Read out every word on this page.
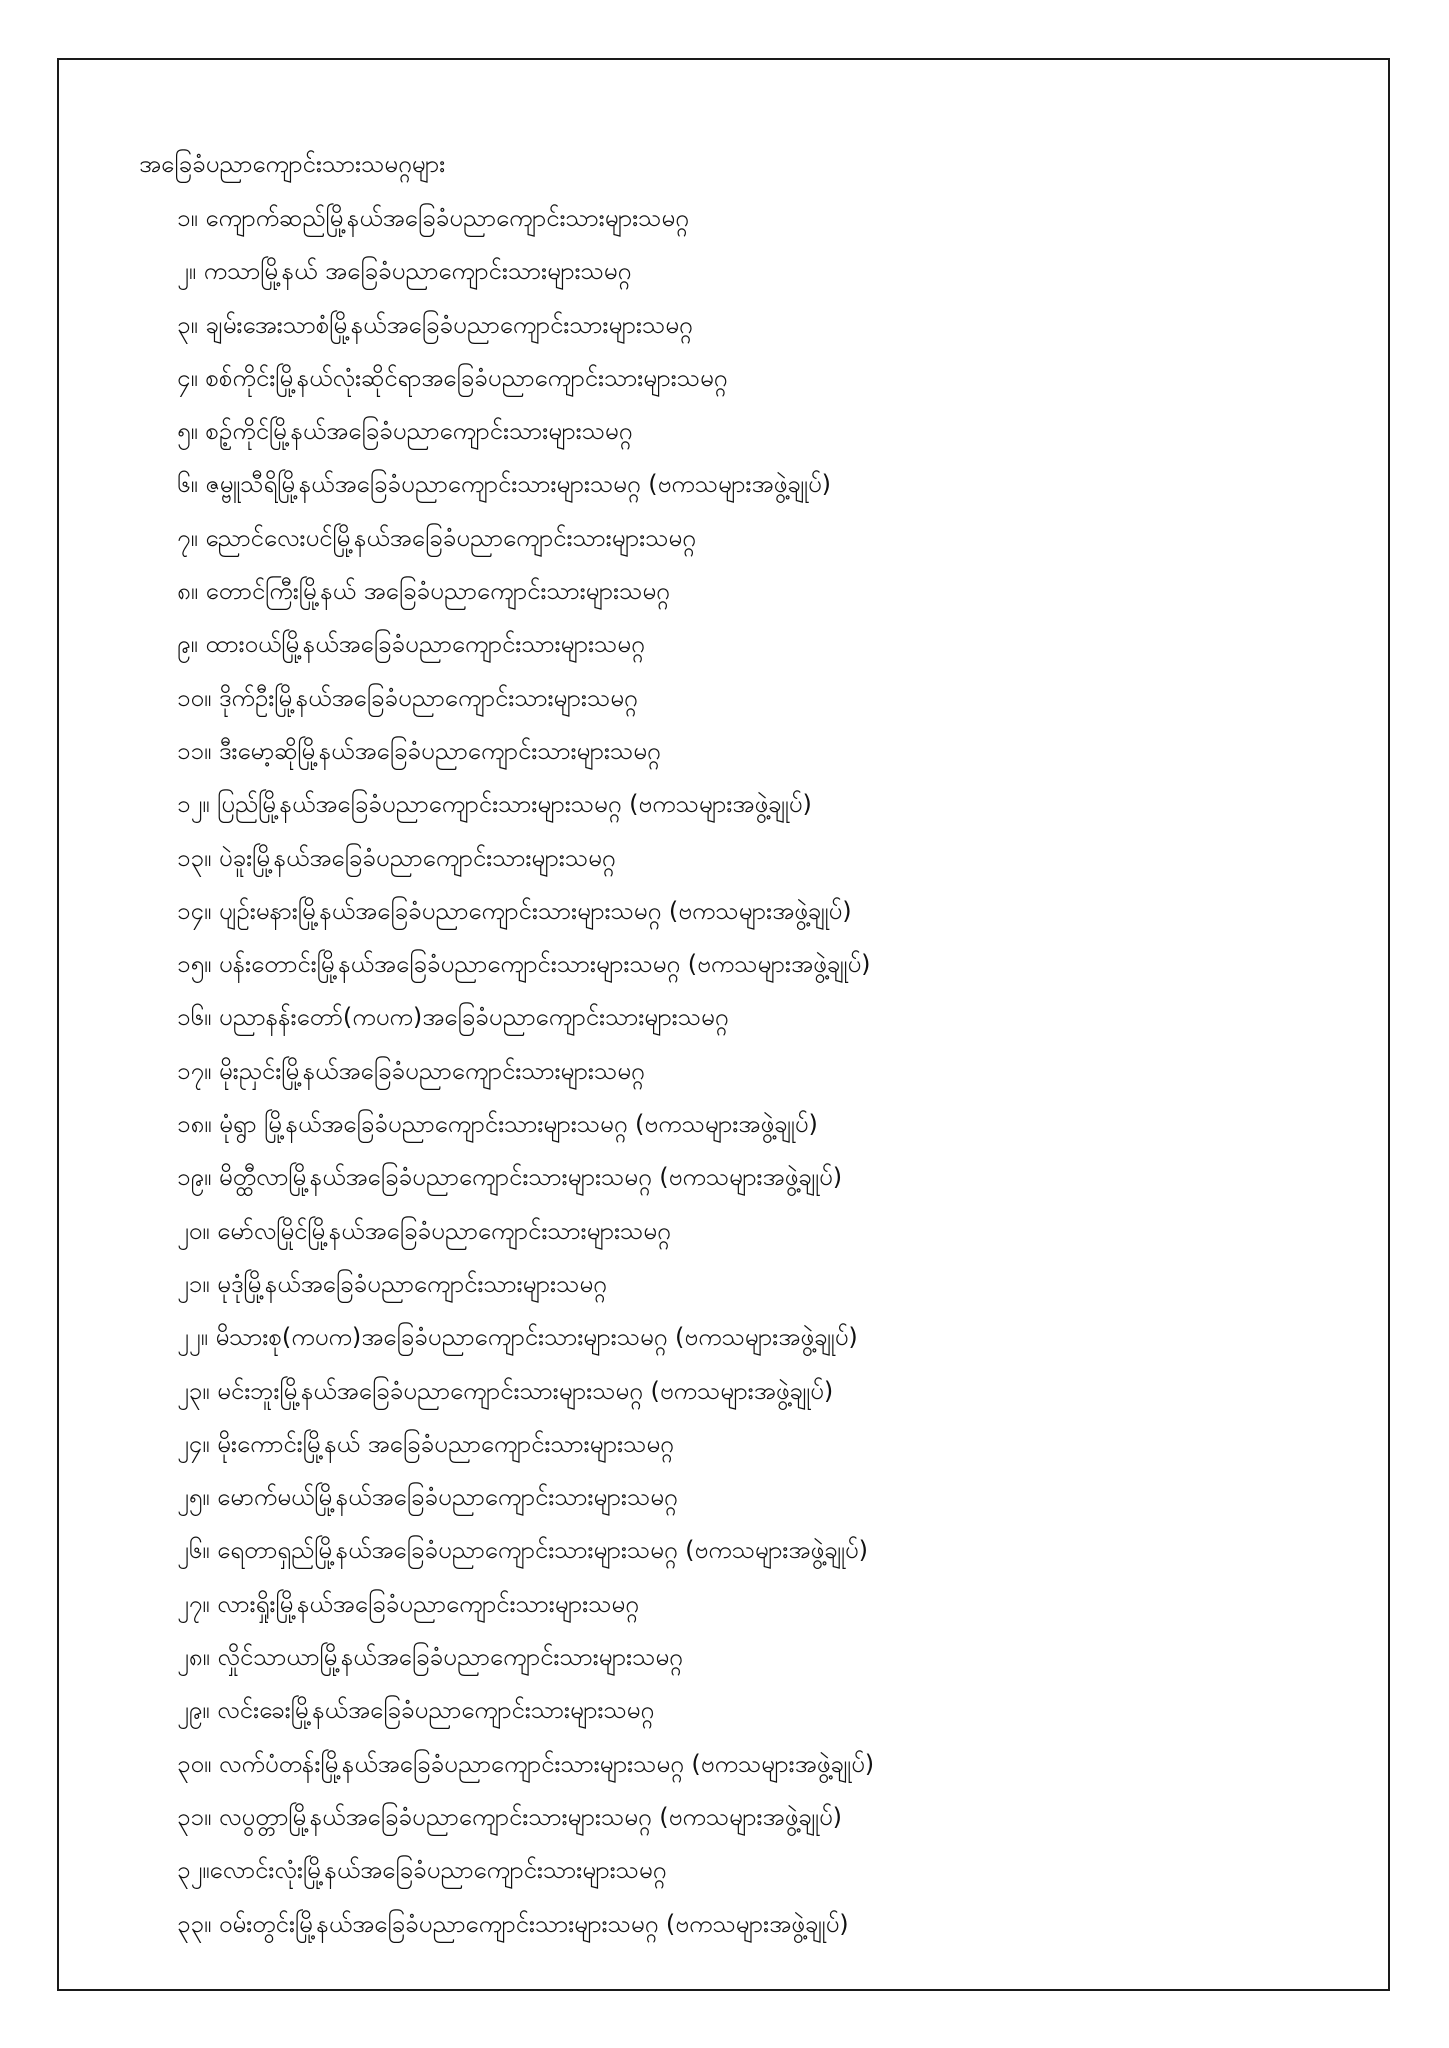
အခြေခံပညာကျောင်းသားသမဂ္ဂများ
၁။ ကျောက်ဆည်မြို့နယ်အခြေခံပညာကျောင်းသားများသမဂ္ဂ
၂။ ကသာမြို့နယ် အခြေခံပညာကျောင်းသားများသမဂ္ဂ
၃။ ချမ်းအေးသာစံမြို့နယ်အခြေခံပညာကျောင်းသားများသမဂ္ဂ
၄။ စစ်ကိုင်းမြို့နယ်လုံးဆိုင်ရာအခြေခံပညာကျောင်းသားများသမဂ္ဂ
၅။ စဥ့်ကိုင်မြို့နယ်အခြေခံပညာကျောင်းသားများသမဂ္ဂ
၆။ ဇမ္ဗူသီရိမြို့နယ်အခြေခံပညာကျောင်းသားများသမဂ္ဂ (ဗကသများအဖွဲ့ချုပ်)
၇။ ညောင်လေးပင်မြို့နယ်အခြေခံပညာကျောင်းသားများသမဂ္ဂ
၈။ တောင်ကြီးမြို့နယ် အခြေခံပညာကျောင်းသားများသမဂ္ဂ
၉။ ထားဝယ်မြို့နယ်အခြေခံပညာကျောင်းသားများသမဂ္ဂ
၁၀။ ဒိုက်ဦးမြို့နယ်အခြေခံပညာကျောင်းသားများသမဂ္ဂ
၁၁။ ဒီးမော့ဆိုမြို့နယ်အခြေခံပညာကျောင်းသားများသမဂ္ဂ
၁၂။ ပြည်မြို့နယ်အခြေခံပညာကျောင်းသားများသမဂ္ဂ (ဗကသများအဖွဲ့ချုပ်)
၁၃။ ပဲခူးမြို့နယ်အခြေခံပညာကျောင်းသားများသမဂ္ဂ
၁၄။ ပျဉ်းမနားမြို့နယ်အခြေခံပညာကျောင်းသားများသမဂ္ဂ (ဗကသများအဖွဲ့ချုပ်)
၁၅။ ပန်းတောင်းမြို့နယ်အခြေခံပညာကျောင်းသားများသမဂ္ဂ (ဗကသများအဖွဲ့ချုပ်)
၁၆။ ပညာနန်းတော်(ကပက)အခြေခံပညာကျောင်းသားများသမဂ္ဂ
၁၇။ မိုးညှင်းမြို့နယ်အခြေခံပညာကျောင်းသားများသမဂ္ဂ
၁၈။ မုံရွာ မြို့နယ်အခြေခံပညာကျောင်းသားများသမဂ္ဂ (ဗကသများအဖွဲ့ချုပ်)
၁၉။ မိတ္ထီလာမြို့နယ်အခြေခံပညာကျောင်းသားများသမဂ္ဂ (ဗကသများအဖွဲ့ချုပ်)
၂၀။ မော်လမြိုင်မြို့နယ်အခြေခံပညာကျောင်းသားများသမဂ္ဂ
၂၁။ မုဒုံမြို့နယ်အခြေခံပညာကျောင်းသားများသမဂ္ဂ
၂၂။ မိသားစု(ကပက)အခြေခံပညာကျောင်းသားများသမဂ္ဂ (ဗကသများအဖွဲ့ချုပ်)
၂၃။ မင်းဘူးမြို့နယ်အခြေခံပညာကျောင်းသားများသမဂ္ဂ (ဗကသများအဖွဲ့ချုပ်)
၂၄။ မိုးကောင်းမြို့နယ် အခြေခံပညာကျောင်းသားများသမဂ္ဂ
၂၅။ မောက်မယ်မြို့နယ်အခြေခံပညာကျောင်းသားများသမဂ္ဂ
၂၆။ ရေတာရှည်မြို့နယ်အခြေခံပညာကျောင်းသားများသမဂ္ဂ (ဗကသများအဖွဲ့ချုပ်)
၂၇။ လားရှိုးမြို့နယ်အခြေခံပညာကျောင်းသားများသမဂ္ဂ
၂၈။ လှိုင်သာယာမြို့နယ်အခြေခံပညာကျောင်းသားများသမဂ္ဂ
၂၉။ လင်းခေးမြို့နယ်အခြေခံပညာကျောင်းသားများသမဂ္ဂ
၃၀။ လက်ပံတန်းမြို့နယ်အခြေခံပညာကျောင်းသားများသမဂ္ဂ (ဗကသများအဖွဲ့ချုပ်)
၃၁။ လပွတ္တာမြို့နယ်အခြေခံပညာကျောင်းသားများသမဂ္ဂ (ဗကသများအဖွဲ့ချုပ်)
၃၂။လောင်းလုံးမြို့နယ်အခြေခံပညာကျောင်းသားများသမဂ္ဂ
၃၃။ ဝမ်းတွင်းမြို့နယ်အခြေခံပညာကျောင်းသားများသမဂ္ဂ (ဗကသများအဖွဲ့ချုပ်)
